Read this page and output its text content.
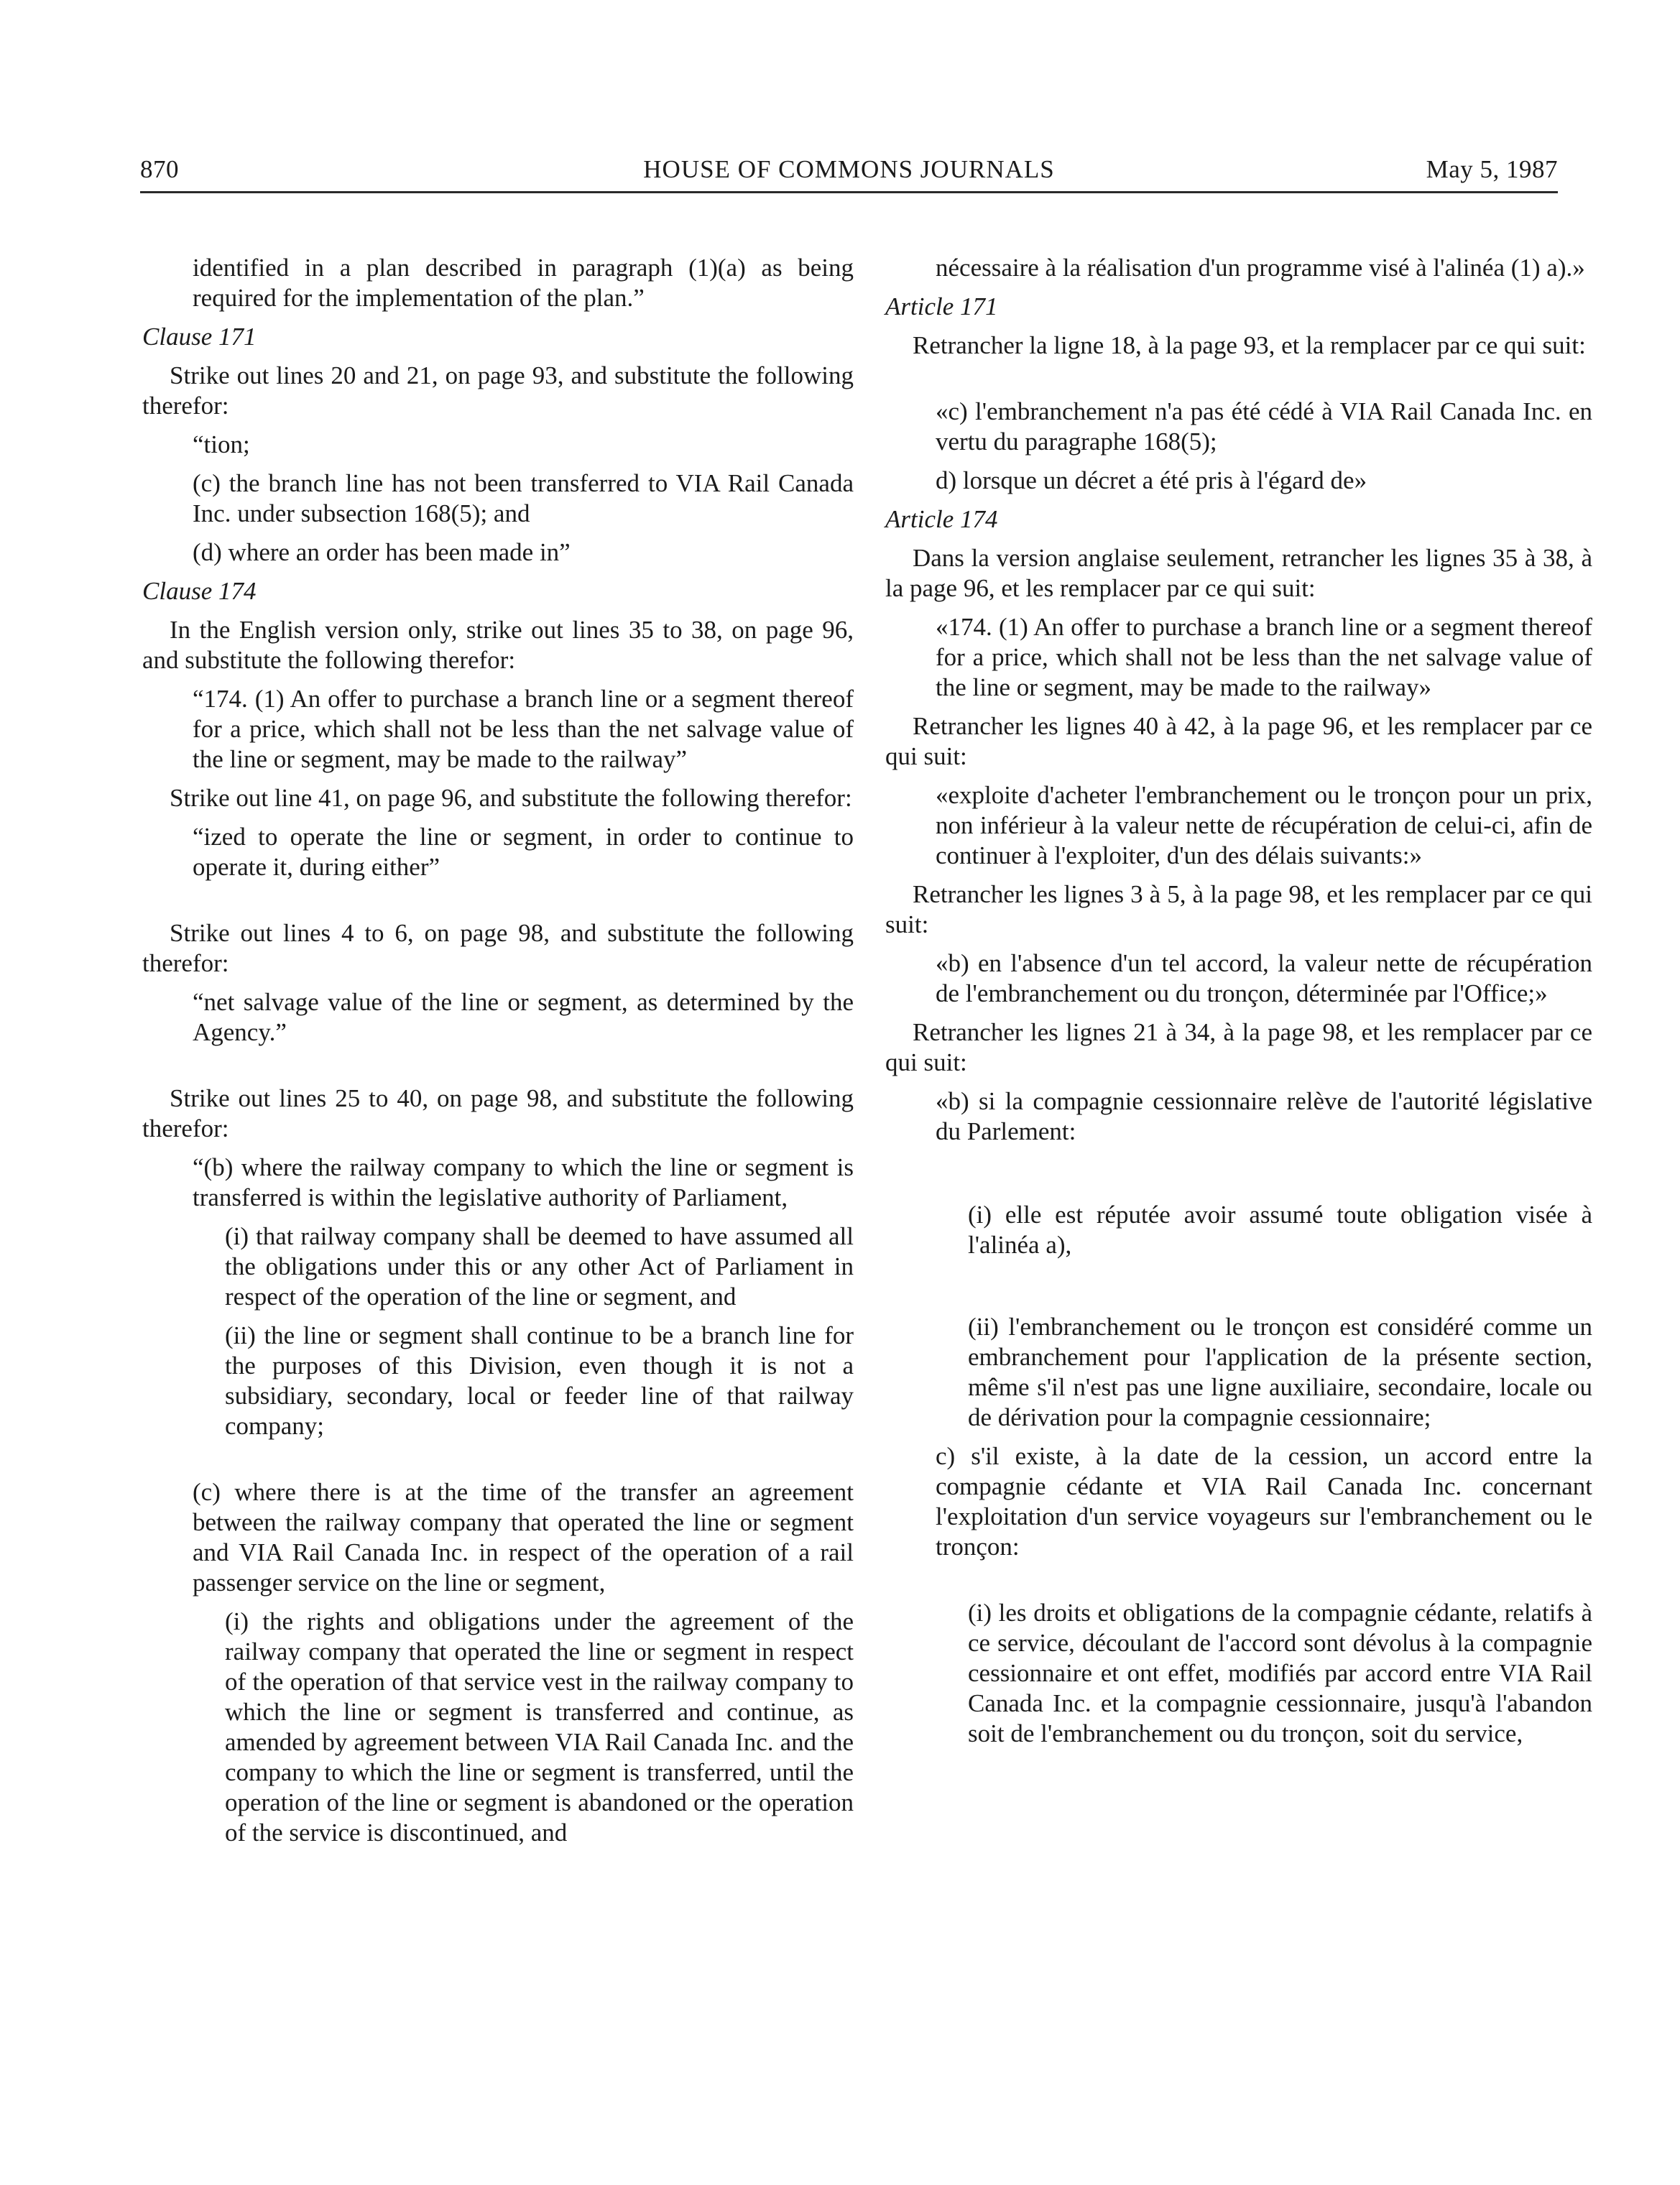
870	HOUSE OF COMMONS JOURNALS	May 5, 1987

identified in a plan described in paragraph (1)(a) as being required for the implementation of the plan.”

Clause 171

Strike out lines 20 and 21, on page 93, and substitute the following therefor:

“tion;

(c) the branch line has not been transferred to VIA Rail Canada Inc. under subsection 168(5); and

(d) where an order has been made in”

Clause 174

In the English version only, strike out lines 35 to 38, on page 96, and substitute the following therefor:

“174. (1) An offer to purchase a branch line or a segment thereof for a price, which shall not be less than the net salvage value of the line or segment, may be made to the railway”

Strike out line 41, on page 96, and substitute the following therefor:

“ized to operate the line or segment, in order to continue to operate it, during either”

Strike out lines 4 to 6, on page 98, and substitute the following therefor:

“net salvage value of the line or segment, as determined by the Agency.”

Strike out lines 25 to 40, on page 98, and substitute the following therefor:

“(b) where the railway company to which the line or segment is transferred is within the legislative authority of Parliament,

(i) that railway company shall be deemed to have assumed all the obligations under this or any other Act of Parliament in respect of the operation of the line or segment, and

(ii) the line or segment shall continue to be a branch line for the purposes of this Division, even though it is not a subsidiary, secondary, local or feeder line of that railway company;

(c) where there is at the time of the transfer an agreement between the railway company that operated the line or segment and VIA Rail Canada Inc. in respect of the operation of a rail passenger service on the line or segment,

(i) the rights and obligations under the agreement of the railway company that operated the line or segment in respect of the operation of that service vest in the railway company to which the line or segment is transferred and continue, as amended by agreement between VIA Rail Canada Inc. and the company to which the line or segment is transferred, until the operation of the line or segment is abandoned or the operation of the service is discontinued, and

nécessaire à la réalisation d'un programme visé à l'alinéa (1) a).»

Article 171

Retrancher la ligne 18, à la page 93, et la remplacer par ce qui suit:

«c) l'embranchement n'a pas été cédé à VIA Rail Canada Inc. en vertu du paragraphe 168(5);

d) lorsque un décret a été pris à l'égard de»

Article 174

Dans la version anglaise seulement, retrancher les lignes 35 à 38, à la page 96, et les remplacer par ce qui suit:

«174. (1) An offer to purchase a branch line or a segment thereof for a price, which shall not be less than the net salvage value of the line or segment, may be made to the railway»

Retrancher les lignes 40 à 42, à la page 96, et les remplacer par ce qui suit:

«exploite d'acheter l'embranchement ou le tronçon pour un prix, non inférieur à la valeur nette de récupération de celui-ci, afin de continuer à l'exploiter, d'un des délais suivants:»

Retrancher les lignes 3 à 5, à la page 98, et les remplacer par ce qui suit:

«b) en l'absence d'un tel accord, la valeur nette de récupération de l'embranchement ou du tronçon, déterminée par l'Office;»

Retrancher les lignes 21 à 34, à la page 98, et les remplacer par ce qui suit:

«b) si la compagnie cessionnaire relève de l'autorité législative du Parlement:

(i) elle est réputée avoir assumé toute obligation visée à l'alinéa a),

(ii) l'embranchement ou le tronçon est considéré comme un embranchement pour l'application de la présente section, même s'il n'est pas une ligne auxiliaire, secondaire, locale ou de dérivation pour la compagnie cessionnaire;

c) s'il existe, à la date de la cession, un accord entre la compagnie cédante et VIA Rail Canada Inc. concernant l'exploitation d'un service voyageurs sur l'embranchement ou le tronçon:

(i) les droits et obligations de la compagnie cédante, relatifs à ce service, découlant de l'accord sont dévolus à la compagnie cessionnaire et ont effet, modifiés par accord entre VIA Rail Canada Inc. et la compagnie cessionnaire, jusqu'à l'abandon soit de l'embranchement ou du tronçon, soit du service,
